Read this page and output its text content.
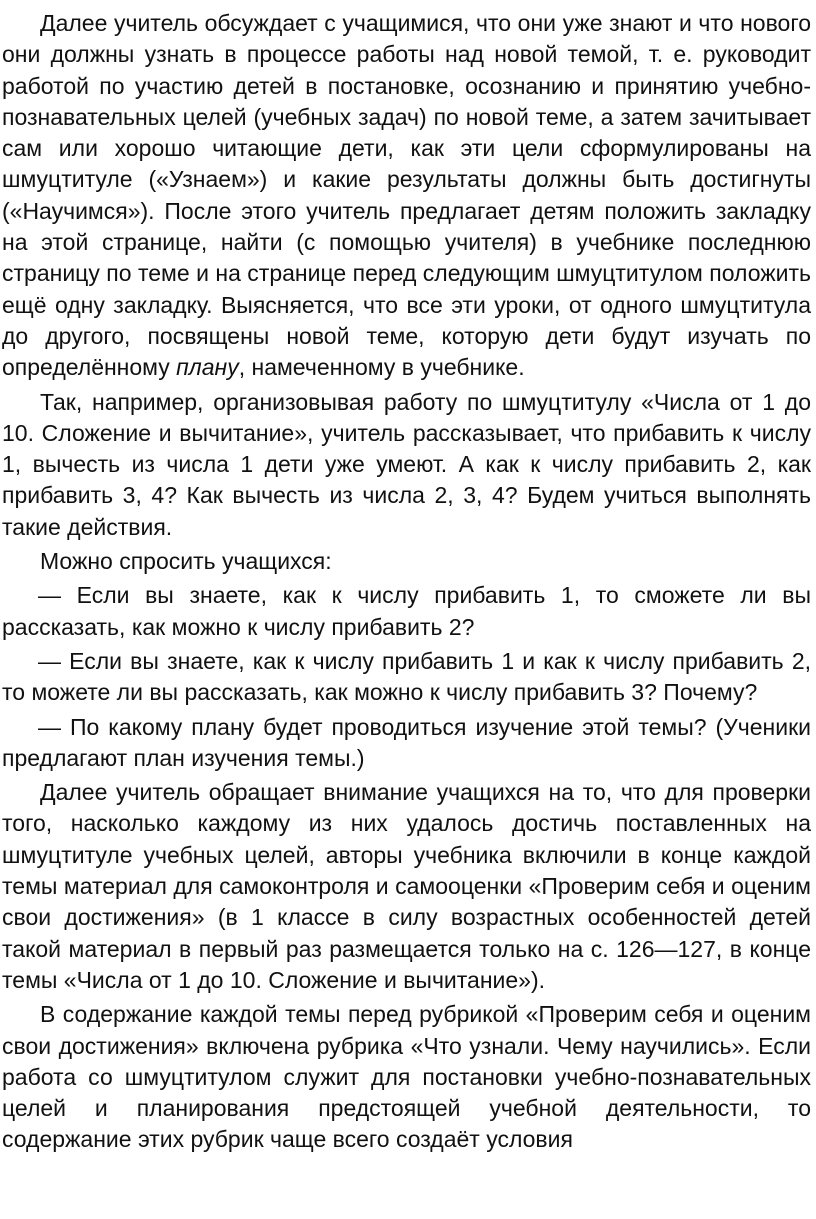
Далее учитель обсуждает с учащимися, что они уже знают и что нового они должны узнать в процессе работы над новой темой, т. е. руководит работой по участию детей в постановке, осознанию и принятию учебно-познавательных целей (учебных задач) по новой теме, а затем зачитывает сам или хорошо читающие дети, как эти цели сформулированы на шмуцтитуле («Узнаем») и какие результаты должны быть достигнуты («Научимся»). После этого учитель предлагает детям положить закладку на этой странице, найти (с помощью учителя) в учебнике последнюю страницу по теме и на странице перед следующим шмуцтитулом положить ещё одну закладку. Выясняется, что все эти уроки, от одного шмуцтитула до другого, посвящены новой теме, которую дети будут изучать по определённому плану, намеченному в учебнике.

Так, например, организовывая работу по шмуцтитулу «Числа от 1 до 10. Сложение и вычитание», учитель рассказывает, что прибавить к числу 1, вычесть из числа 1 дети уже умеют. А как к числу прибавить 2, как прибавить 3, 4? Как вычесть из числа 2, 3, 4? Будем учиться выполнять такие действия.

Можно спросить учащихся:

— Если вы знаете, как к числу прибавить 1, то сможете ли вы рассказать, как можно к числу прибавить 2?

— Если вы знаете, как к числу прибавить 1 и как к числу прибавить 2, то можете ли вы рассказать, как можно к числу прибавить 3? Почему?

— По какому плану будет проводиться изучение этой темы? (Ученики предлагают план изучения темы.)

Далее учитель обращает внимание учащихся на то, что для проверки того, насколько каждому из них удалось достичь поставленных на шмуцтитуле учебных целей, авторы учебника включили в конце каждой темы материал для самоконтроля и самооценки «Проверим себя и оценим свои достижения» (в 1 классе в силу возрастных особенностей детей такой материал в первый раз размещается только на с. 126—127, в конце темы «Числа от 1 до 10. Сложение и вычитание»).

В содержание каждой темы перед рубрикой «Проверим себя и оценим свои достижения» включена рубрика «Что узнали. Чему научились». Если работа со шмуцтитулом служит для постановки учебно-познавательных целей и планирования предстоящей учебной деятельности, то содержание этих рубрик чаще всего создаёт условия
